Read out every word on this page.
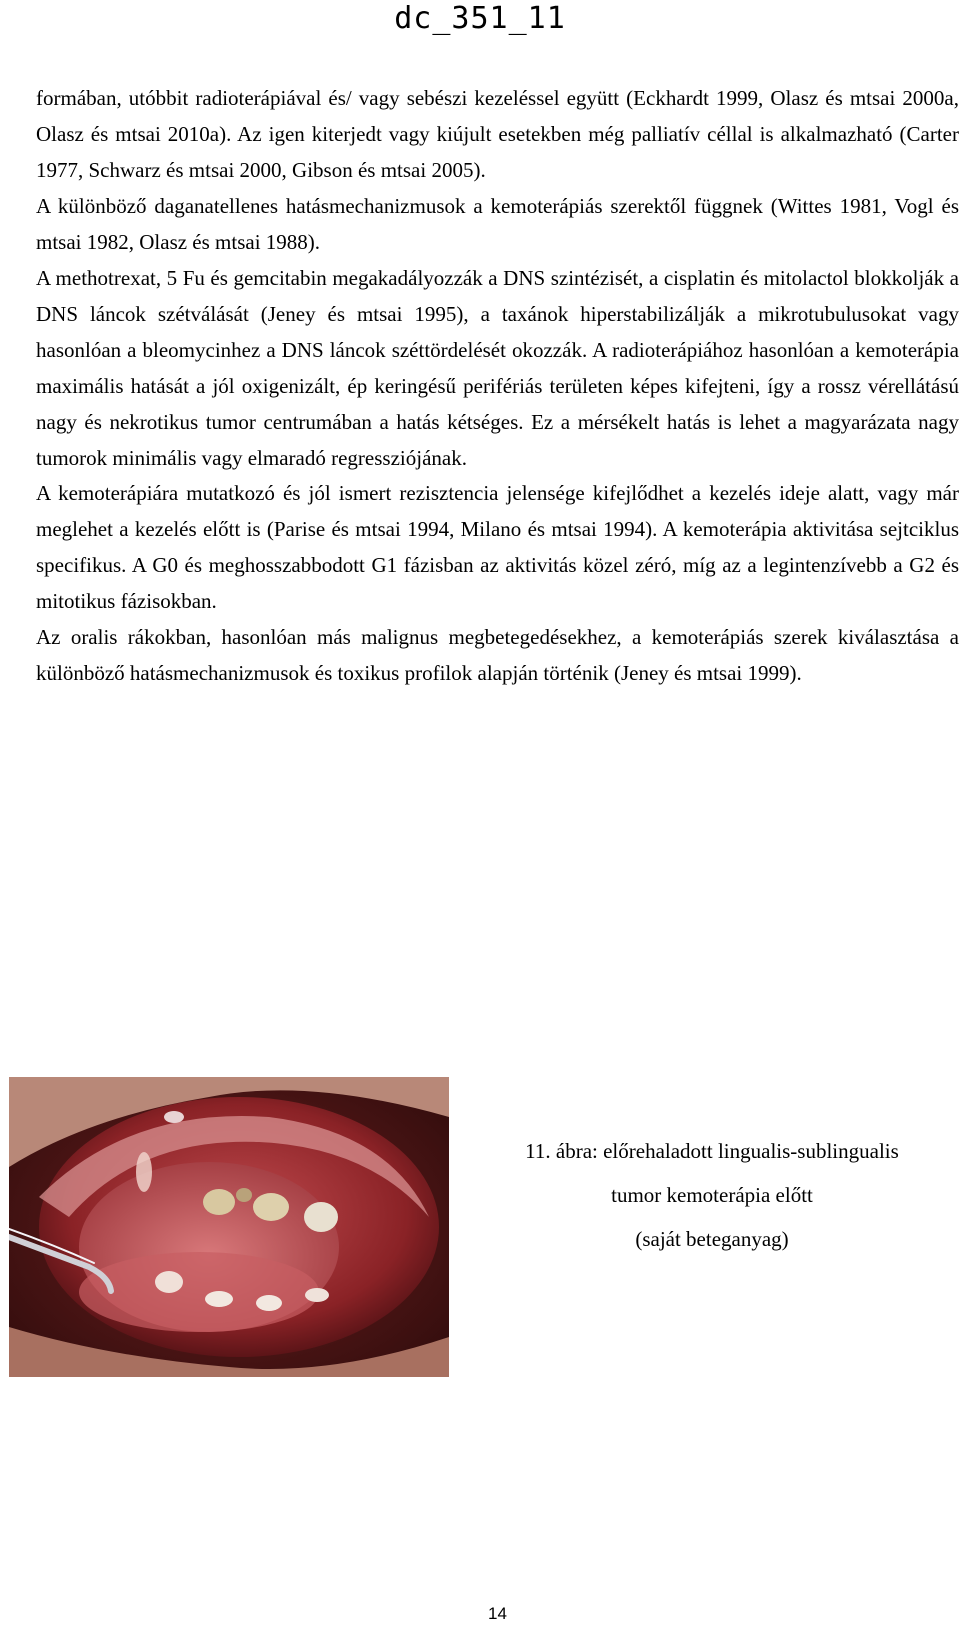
dc_351_11

formában, utóbbit radioterápiával és/ vagy sebészi kezeléssel együtt (Eckhardt 1999, Olasz és mtsai 2000a, Olasz és mtsai 2010a). Az igen kiterjedt vagy kiújult esetekben még palliatív céllal is alkalmazható (Carter 1977, Schwarz és mtsai 2000, Gibson és mtsai 2005).

A különböző daganatellenes hatásmechanizmusok a kemoterápiás szerektől függnek (Wittes 1981, Vogl és mtsai 1982, Olasz és mtsai 1988).

A methotrexat, 5 Fu és gemcitabin megakadályozzák a DNS szintézisét, a cisplatin és mitolactol blokkolják a DNS láncok szétválását (Jeney és mtsai 1995), a taxánok hiperstabilizálják a mikrotubulusokat vagy hasonlóan a bleomycinhez a DNS láncok széttördelését okozzák. A radioterápiához hasonlóan a kemoterápia maximális hatását a jól oxigenizált, ép keringésű perifériás területen képes kifejteni, így a rossz vérellátású nagy és nekrotikus tumor centrumában a hatás kétséges. Ez a mérsékelt hatás is lehet a magyarázata nagy tumorok minimális vagy elmaradó regressziójának.

A kemoterápiára mutatkozó és jól ismert rezisztencia jelensége kifejlődhet a kezelés ideje alatt, vagy már meglehet a kezelés előtt is (Parise és mtsai 1994, Milano és mtsai 1994). A kemoterápia aktivitása sejtciklus specifikus. A G0 és meghosszabbodott G1 fázisban az aktivitás közel zéró, míg az a legintenzívebb a G2 és mitotikus fázisokban.

Az oralis rákokban, hasonlóan más malignus megbetegedésekhez, a kemoterápiás szerek kiválasztása a különböző hatásmechanizmusok és toxikus profilok alapján történik (Jeney és mtsai 1999).

11. ábra: előrehaladott lingualis-sublingualis
tumor kemoterápia előtt
(saját beteganyag)
14
